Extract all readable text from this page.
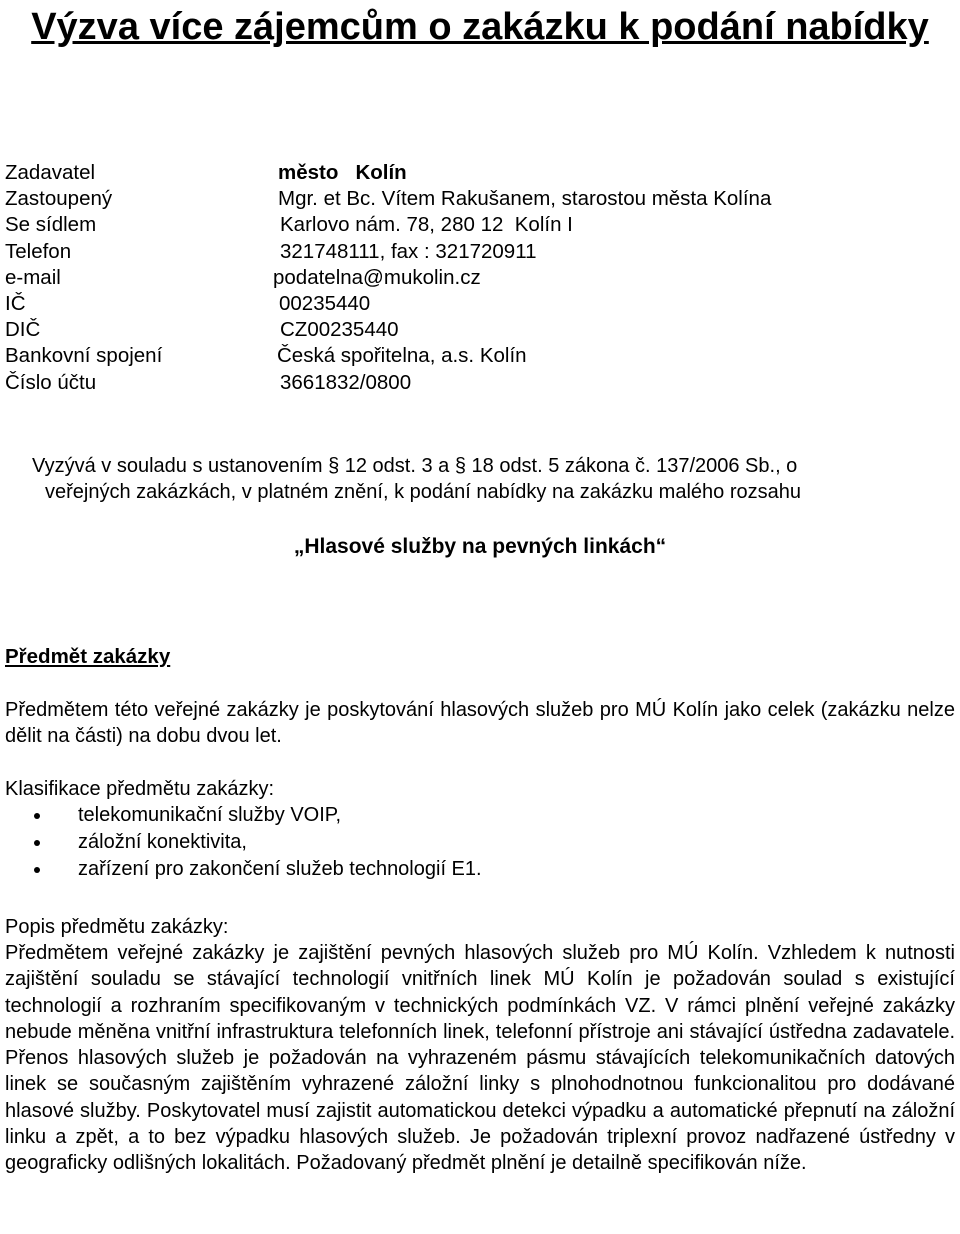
Výzva více zájemcům o zakázku k podání nabídky
Zadavatel	město   Kolín
Zastoupený	Mgr. et Bc. Vítem Rakušanem, starostou města Kolína
Se sídlem	Karlovo nám. 78, 280 12  Kolín I
Telefon	321748111, fax : 321720911
e-mail	podatelna@mukolin.cz
IČ	00235440
DIČ	CZ00235440
Bankovní spojení	Česká spořitelna, a.s. Kolín
Číslo účtu	3661832/0800
Vyzývá v souladu s ustanovením § 12 odst. 3 a § 18 odst. 5 zákona č. 137/2006 Sb., o
veřejných zakázkách, v platném znění, k podání nabídky na zakázku malého rozsahu
„Hlasové služby na pevných linkách“
Předmět zakázky
Předmětem této veřejné zakázky je poskytování hlasových služeb pro MÚ Kolín jako celek (zakázku nelze dělit na části) na dobu dvou let.
Klasifikace předmětu zakázky:
telekomunikační služby VOIP,
záložní konektivita,
zařízení pro zakončení služeb technologií E1.
Popis předmětu zakázky:
Předmětem veřejné zakázky je zajištění pevných hlasových služeb pro MÚ Kolín. Vzhledem k nutnosti zajištění souladu se stávající technologií vnitřních linek MÚ Kolín je požadován soulad s existující technologií a rozhraním specifikovaným v technických podmínkách VZ. V rámci plnění veřejné zakázky nebude měněna vnitřní infrastruktura telefonních linek, telefonní přístroje ani stávající ústředna zadavatele. Přenos hlasových služeb je požadován na vyhrazeném pásmu stávajících telekomunikačních datových linek se současným zajištěním vyhrazené záložní linky s plnohodnotnou funkcionalitou pro dodávané hlasové služby. Poskytovatel musí zajistit automatickou detekci výpadku a automatické přepnutí na záložní linku a zpět, a to bez výpadku hlasových služeb. Je požadován triplexní provoz nadřazené ústředny v geograficky odlišných lokalitách. Požadovaný předmět plnění je detailně specifikován níže.
